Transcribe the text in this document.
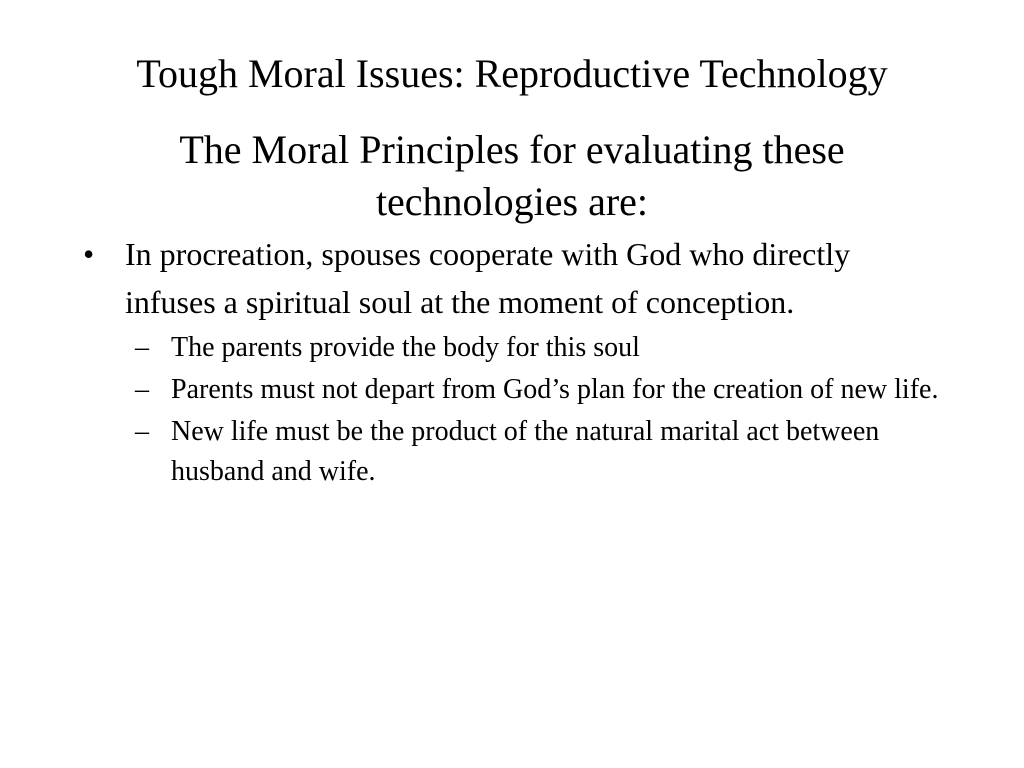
Tough Moral Issues: Reproductive Technology
The Moral Principles for evaluating these technologies are:
• In procreation, spouses cooperate with God who directly infuses a spiritual soul at the moment of conception.
– The parents provide the body for this soul
– Parents must not depart from God’s plan for the creation of new life.
– New life must be the product of the natural marital act between husband and wife.
